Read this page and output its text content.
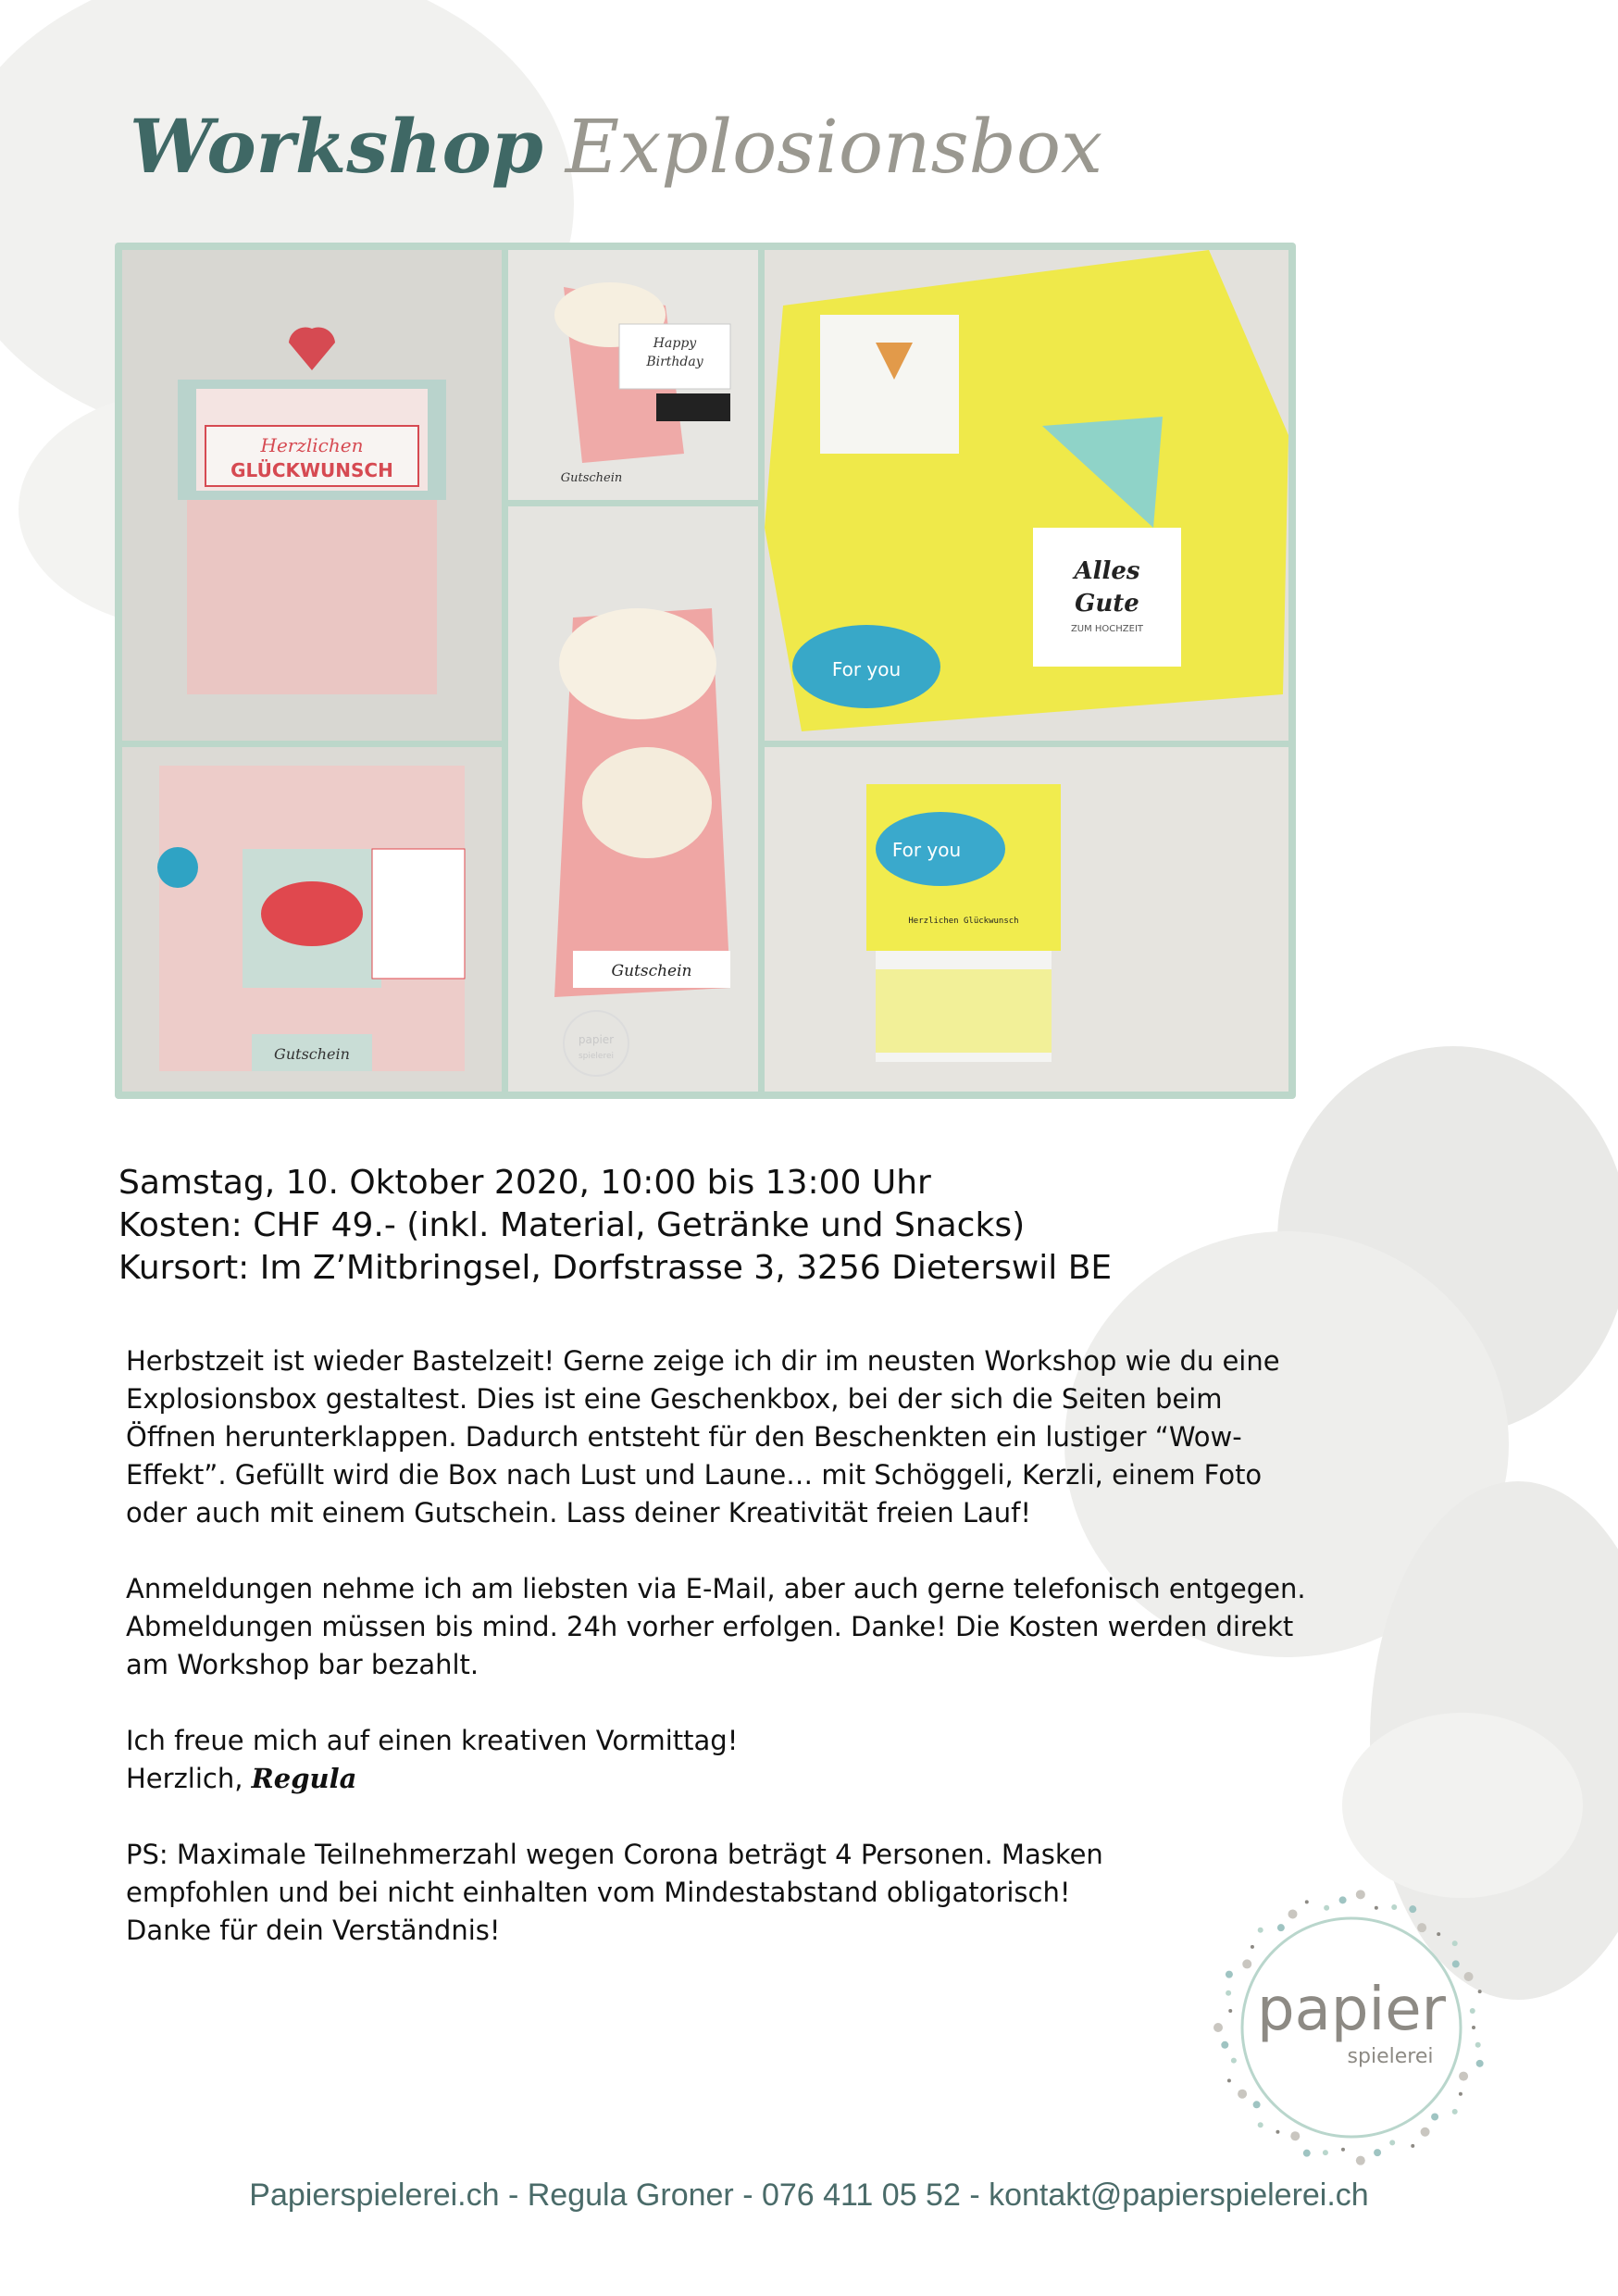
Workshop Explosionsbox
Herzlichen
GLÜCKWUNSCH
Happy
Birthday
Gutschein
Alles
Gute
ZUM HOCHZEIT
For you
Gutschein
Gutschein
papier
spielerei
For you
Herzlichen Glückwunsch
Samstag, 10. Oktober 2020, 10:00 bis 13:00 Uhr
Kosten: CHF 49.- (inkl. Material, Getränke und Snacks)
Kursort: Im Z’Mitbringsel, Dorfstrasse 3, 3256 Dieterswil BE

Herbstzeit ist wieder Bastelzeit! Gerne zeige ich dir im neusten Workshop wie du eine Explosionsbox gestaltest. Dies ist eine Geschenkbox, bei der sich die Seiten beim Öffnen herunterklappen. Dadurch entsteht für den Beschenkten ein lustiger “Wow-Effekt”. Gefüllt wird die Box nach Lust und Laune… mit Schöggeli, Kerzli, einem Foto oder auch mit einem Gutschein. Lass deiner Kreativität freien Lauf!

Anmeldungen nehme ich am liebsten via E-Mail, aber auch gerne telefonisch entgegen. Abmeldungen müssen bis mind. 24h vorher erfolgen. Danke! Die Kosten werden direkt am Workshop bar bezahlt.

Ich freue mich auf einen kreativen Vormittag!
Herzlich, Regula

PS: Maximale Teilnehmerzahl wegen Corona beträgt 4 Personen. Masken empfohlen und bei nicht einhalten vom Mindestabstand obligatorisch! Danke für dein Verständnis!

papier
spielerei
Papierspielerei.ch - Regula Groner - 076 411 05 52 - kontakt@papierspielerei.ch
